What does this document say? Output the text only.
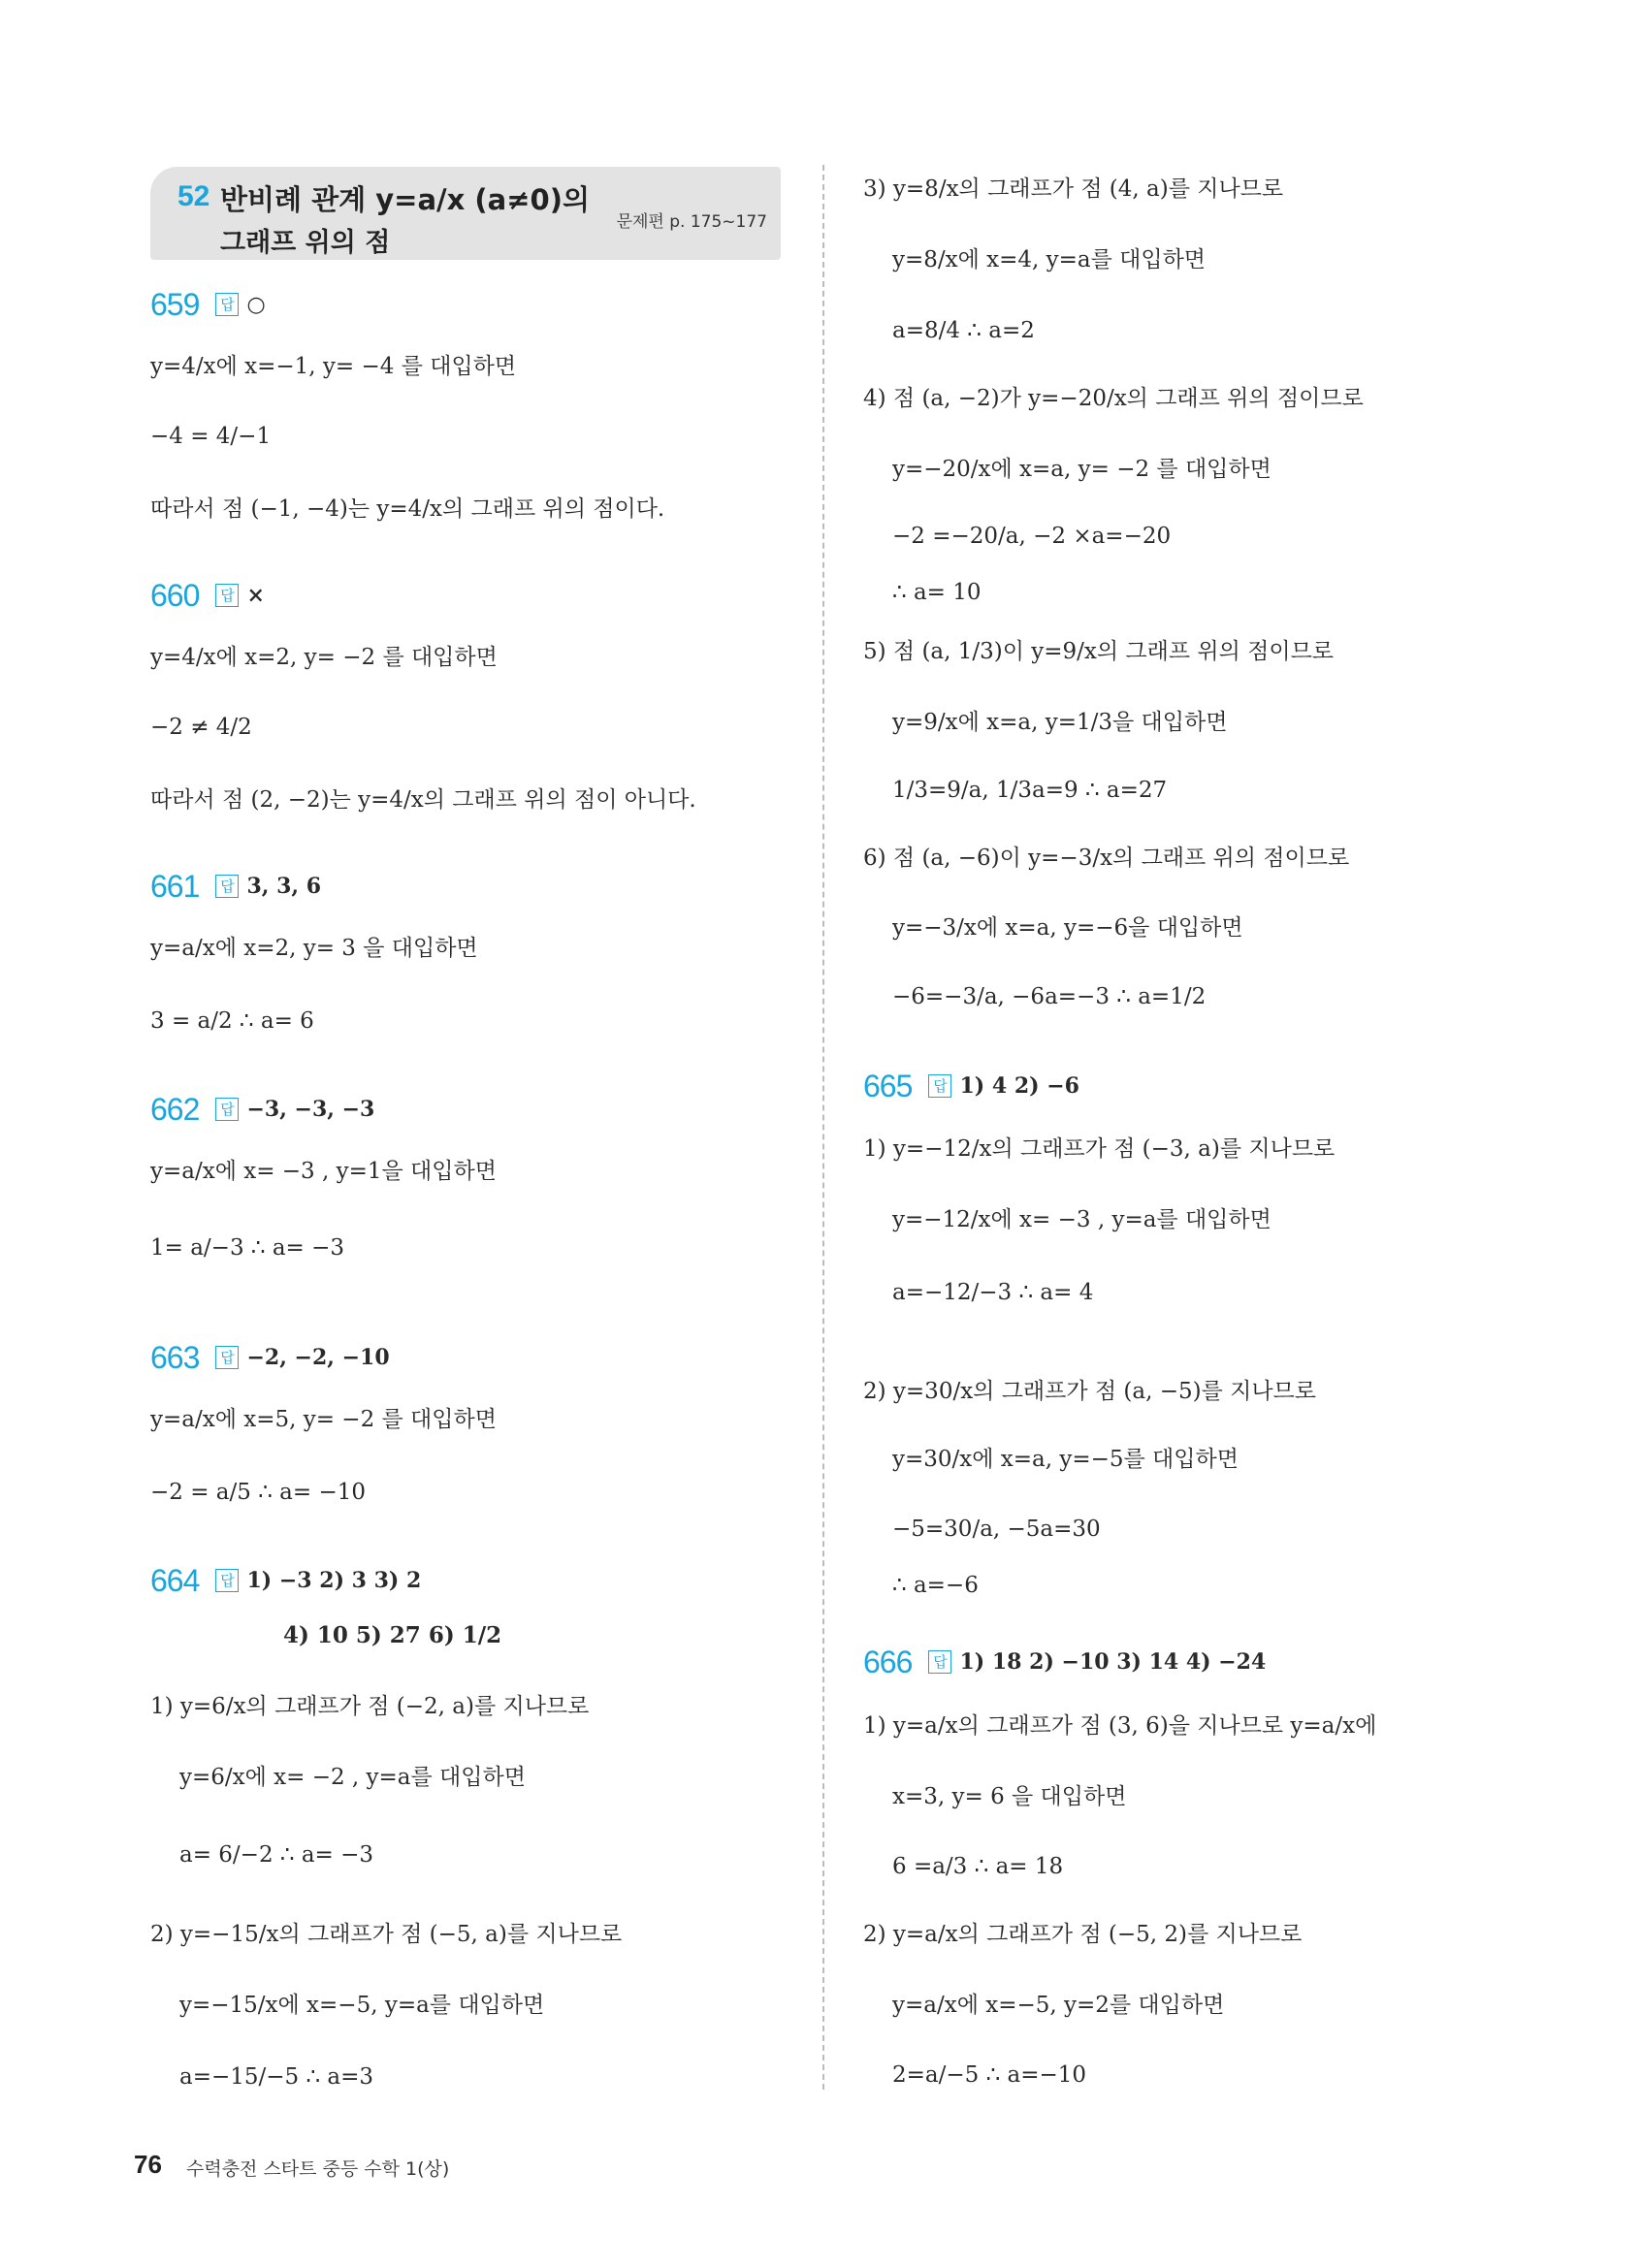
52 반비례 관계 y=a/x (a≠0)의
그래프 위의 점
문제편 p. 175~177
659 답 ○
y=4/x에 x=−1, y= −4 를 대입하면
−4 = 4/−1
따라서 점 (−1, −4)는 y=4/x의 그래프 위의 점이다.
660 답 ×
y=4/x에 x=2, y= −2 를 대입하면
−2 ≠ 4/2
따라서 점 (2, −2)는 y=4/x의 그래프 위의 점이 아니다.
661 답 3, 3, 6
y=a/x에 x=2, y= 3 을 대입하면
3 = a/2 ∴ a= 6
662 답 −3, −3, −3
y=a/x에 x= −3 , y=1을 대입하면
1= a/−3 ∴ a= −3
663 답 −2, −2, −10
y=a/x에 x=5, y= −2 를 대입하면
−2 = a/5 ∴ a= −10
664 답 1) −3 2) 3 3) 2
4) 10 5) 27 6) 1/2
1) y=6/x의 그래프가 점 (−2, a)를 지나므로
y=6/x에 x= −2 , y=a를 대입하면
a= 6/−2 ∴ a= −3
2) y=−15/x의 그래프가 점 (−5, a)를 지나므로
y=−15/x에 x=−5, y=a를 대입하면
a=−15/−5 ∴ a=3
3) y=8/x의 그래프가 점 (4, a)를 지나므로
y=8/x에 x=4, y=a를 대입하면
a=8/4 ∴ a=2
4) 점 (a, −2)가 y=−20/x의 그래프 위의 점이므로
y=−20/x에 x=a, y= −2 를 대입하면
−2 =−20/a, −2 ×a=−20
∴ a= 10
5) 점 (a, 1/3)이 y=9/x의 그래프 위의 점이므로
y=9/x에 x=a, y=1/3을 대입하면
1/3=9/a, 1/3a=9 ∴ a=27
6) 점 (a, −6)이 y=−3/x의 그래프 위의 점이므로
y=−3/x에 x=a, y=−6을 대입하면
−6=−3/a, −6a=−3 ∴ a=1/2
665 답 1) 4 2) −6
1) y=−12/x의 그래프가 점 (−3, a)를 지나므로
y=−12/x에 x= −3 , y=a를 대입하면
a=−12/−3 ∴ a= 4
2) y=30/x의 그래프가 점 (a, −5)를 지나므로
y=30/x에 x=a, y=−5를 대입하면
−5=30/a, −5a=30
∴ a=−6
666 답 1) 18 2) −10 3) 14 4) −24
1) y=a/x의 그래프가 점 (3, 6)을 지나므로 y=a/x에
x=3, y= 6 을 대입하면
6 =a/3 ∴ a= 18
2) y=a/x의 그래프가 점 (−5, 2)를 지나므로
y=a/x에 x=−5, y=2를 대입하면
2=a/−5 ∴ a=−10
76 수력충전 스타트 중등 수학 1(상)
